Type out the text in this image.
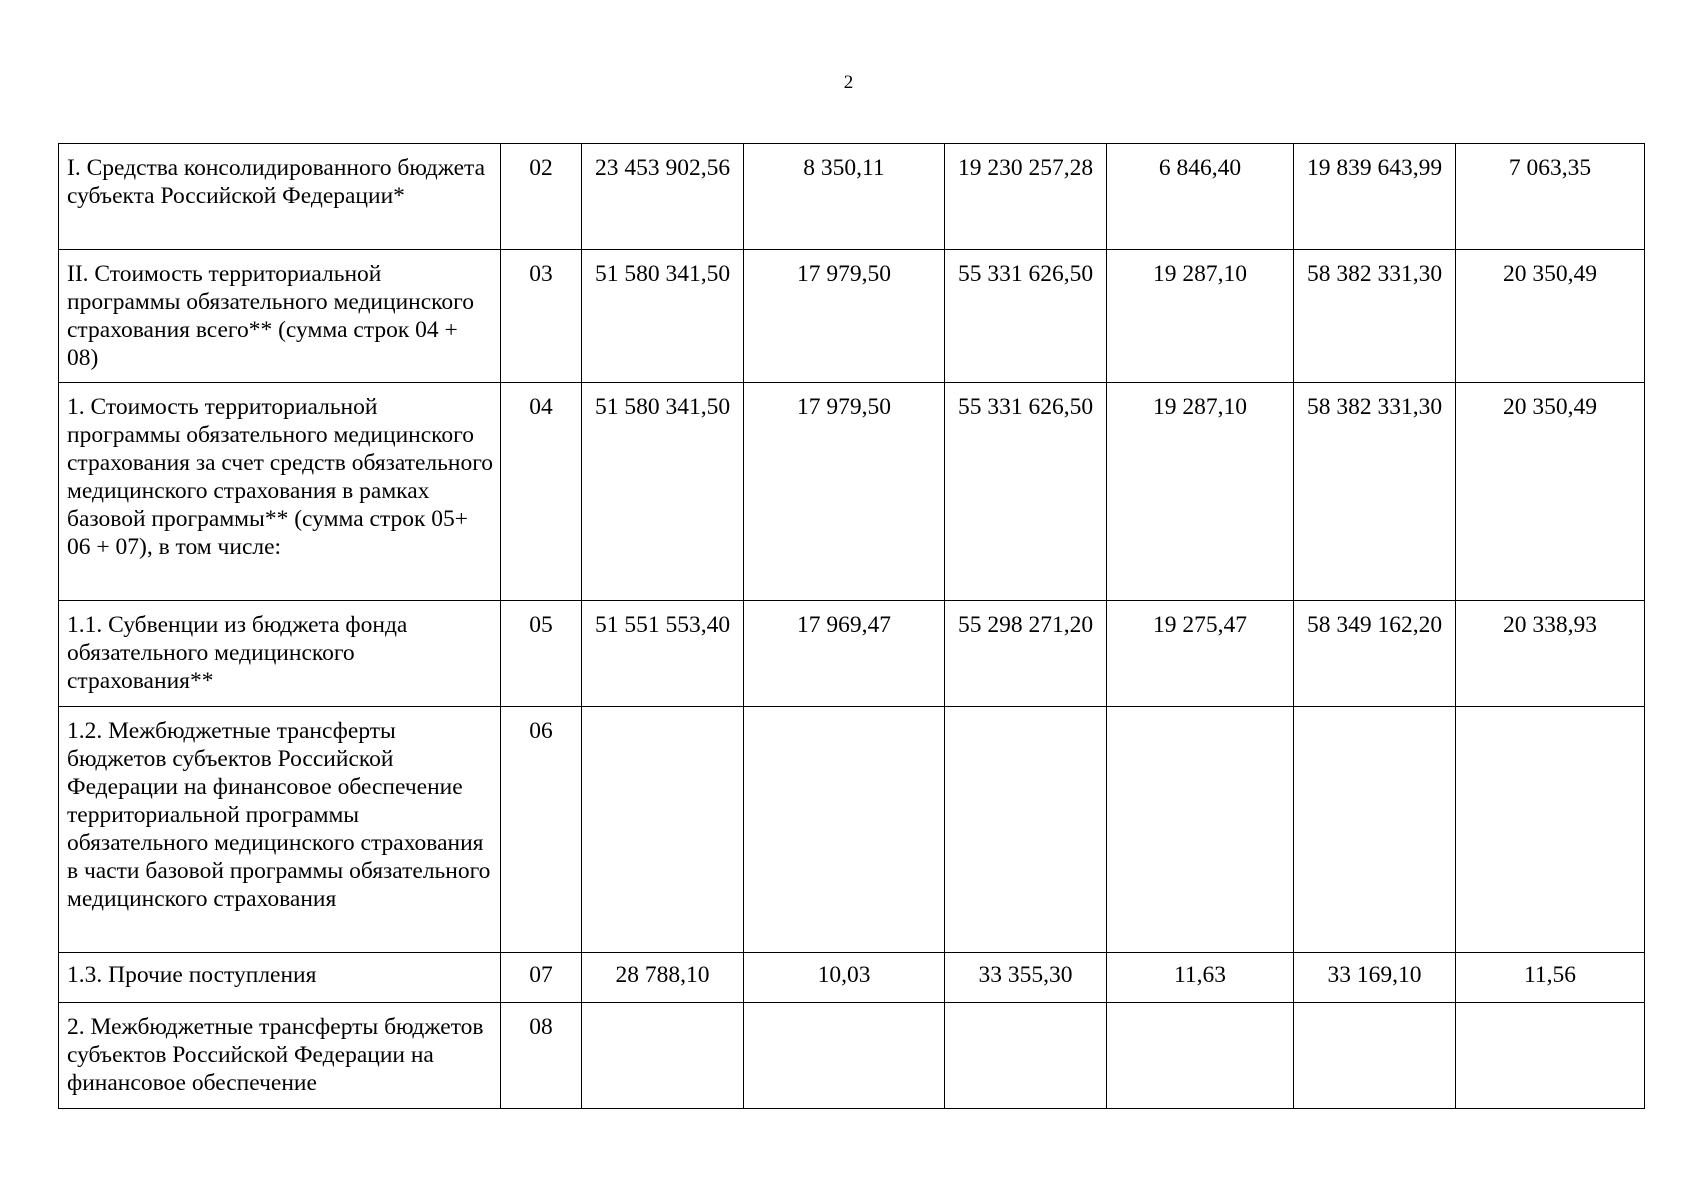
2
I. Средства консолидированного бюджета субъекта Российской Федерации*	02	23 453 902,56	8 350,11	19 230 257,28	6 846,40	19 839 643,99	7 063,35
II. Стоимость территориальной программы обязательного медицинского страхования всего** (сумма строк 04 + 08)	03	51 580 341,50	17 979,50	55 331 626,50	19 287,10	58 382 331,30	20 350,49
1. Стоимость территориальной программы обязательного медицинского страхования за счет средств обязательного медицинского страхования в рамках базовой программы** (сумма строк 05+ 06 + 07), в том числе:	04	51 580 341,50	17 979,50	55 331 626,50	19 287,10	58 382 331,30	20 350,49
1.1. Субвенции из бюджета фонда обязательного медицинского страхования**	05	51 551 553,40	17 969,47	55 298 271,20	19 275,47	58 349 162,20	20 338,93
1.2. Межбюджетные трансферты бюджетов субъектов Российской Федерации на финансовое обеспечение территориальной программы обязательного медицинского страхования в части базовой программы обязательного медицинского страхования	06						
1.3. Прочие поступления	07	28 788,10	10,03	33 355,30	11,63	33 169,10	11,56
2. Межбюджетные трансферты бюджетов субъектов Российской Федерации на финансовое обеспечение	08						
